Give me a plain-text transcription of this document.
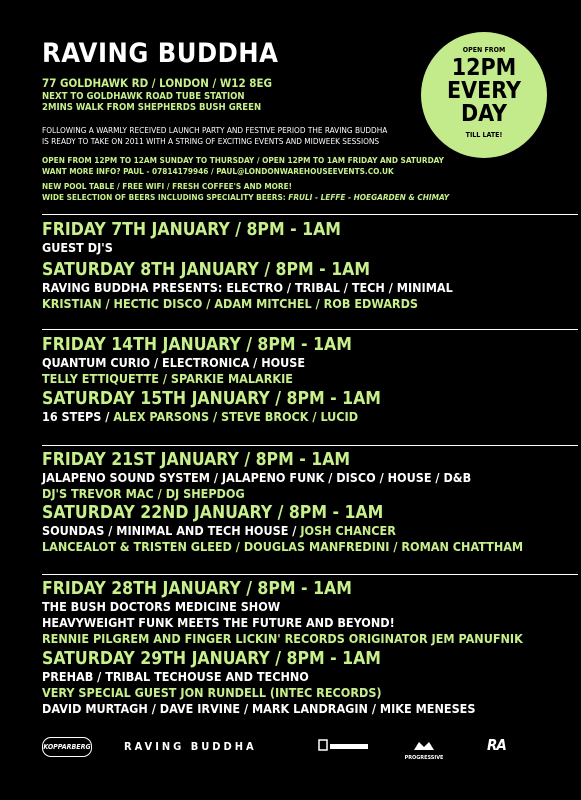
RAVING BUDDHA
77 GOLDHAWK RD / LONDON / W12 8EG
NEXT TO GOLDHAWK ROAD TUBE STATION
2MINS WALK FROM SHEPHERDS BUSH GREEN
FOLLOWING A WARMLY RECEIVED LAUNCH PARTY AND FESTIVE PERIOD THE RAVING BUDDHA
IS READY TO TAKE ON 2011 WITH A STRING OF EXCITING EVENTS AND MIDWEEK SESSIONS
OPEN FROM 12PM TO 12AM SUNDAY TO THURSDAY / OPEN 12PM TO 1AM FRIDAY AND SATURDAY
WANT MORE INFO? PAUL - 07814179946 / PAUL@LONDONWAREHOUSEEVENTS.CO.UK
NEW POOL TABLE / FREE WIFI / FRESH COFFEE'S AND MORE!
WIDE SELECTION OF BEERS INCLUDING SPECIALITY BEERS: FRULI - LEFFE - HOEGARDEN & CHIMAY
OPEN FROM
12PM
EVERY
DAY
TILL LATE!
FRIDAY 7TH JANUARY / 8PM - 1AM
GUEST DJ'S
SATURDAY 8TH JANUARY / 8PM - 1AM
RAVING BUDDHA PRESENTS: ELECTRO / TRIBAL / TECH / MINIMAL
KRISTIAN / HECTIC DISCO / ADAM MITCHEL / ROB EDWARDS
FRIDAY 14TH JANUARY / 8PM - 1AM
QUANTUM CURIO / ELECTRONICA / HOUSE
TELLY ETTIQUETTE / SPARKIE MALARKIE
SATURDAY 15TH JANUARY / 8PM - 1AM
16 STEPS / ALEX PARSONS / STEVE BROCK / LUCID
FRIDAY 21ST JANUARY / 8PM - 1AM
JALAPENO SOUND SYSTEM / JALAPENO FUNK / DISCO / HOUSE / D&B
DJ'S TREVOR MAC / DJ SHEPDOG
SATURDAY 22ND JANUARY / 8PM - 1AM
SOUNDAS / MINIMAL AND TECH HOUSE / JOSH CHANCER
LANCEALOT & TRISTEN GLEED / DOUGLAS MANFREDINI / ROMAN CHATTHAM
FRIDAY 28TH JANUARY / 8PM - 1AM
THE BUSH DOCTORS MEDICINE SHOW
HEAVYWEIGHT FUNK MEETS THE FUTURE AND BEYOND!
RENNIE PILGREM AND FINGER LICKIN' RECORDS ORIGINATOR JEM PANUFNIK
SATURDAY 29TH JANUARY / 8PM - 1AM
PREHAB / TRIBAL TECHOUSE AND TECHNO
VERY SPECIAL GUEST JON RUNDELL (INTEC RECORDS)
DAVID MURTAGH / DAVE IRVINE / MARK LANDRAGIN / MIKE MENESES
KOPPARBERG	RAVING BUDDHA
PROGRESSIVE
RA
